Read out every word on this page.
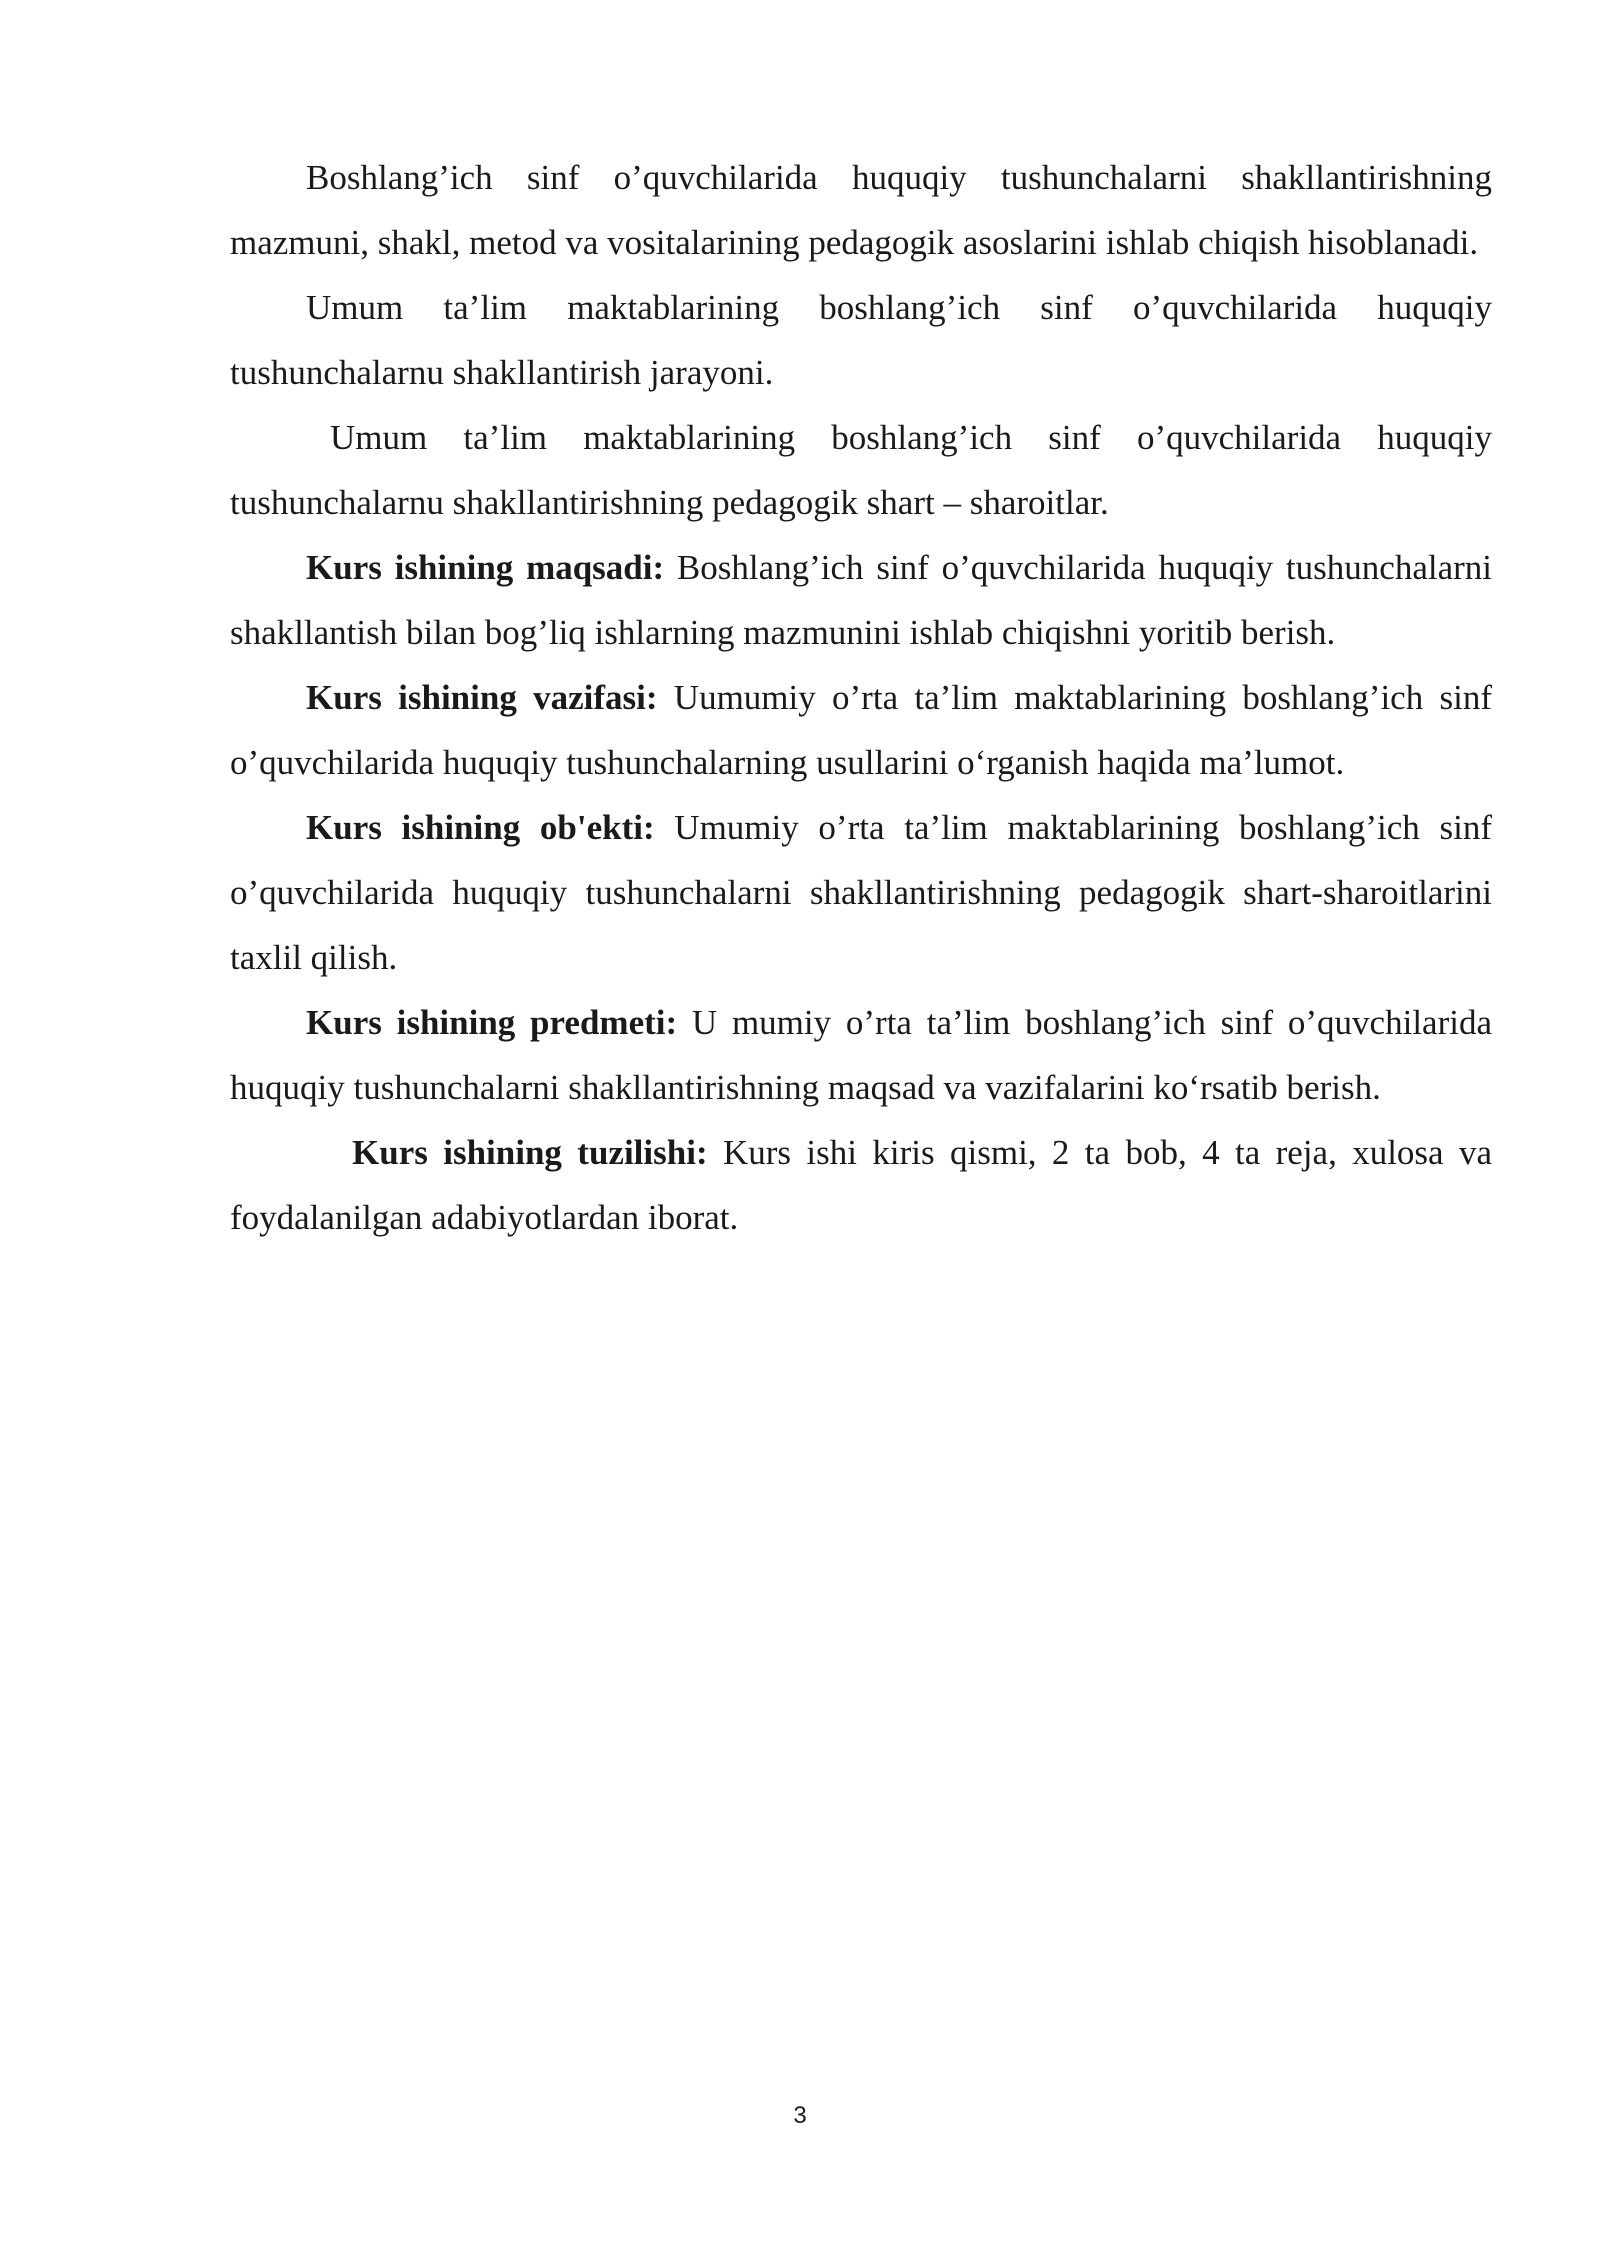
Boshlang’ich sinf o’quvchilarida huquqiy tushunchalarni shakllantirishning mazmuni, shakl, metod va vositalarining pedagogik asoslarini ishlab chiqish hisoblanadi.

Umum ta’lim maktablarining boshlang’ich sinf o’quvchilarida huquqiy tushunchalarnu shakllantirish jarayoni.

Umum ta’lim maktablarining boshlang’ich sinf o’quvchilarida huquqiy tushunchalarnu shakllantirishning pedagogik shart – sharoitlar.

Kurs ishining maqsadi: Boshlang’ich sinf o’quvchilarida huquqiy tushunchalarni shakllantish bilan bog’liq ishlarning mazmunini ishlab chiqishni yoritib berish.

Kurs ishining vazifasi: Uumumiy o’rta ta’lim maktablarining boshlang’ich sinf o’quvchilarida huquqiy tushunchalarning usullarini o‘rganish haqida ma’lumot.

Kurs ishining ob'ekti: Umumiy o’rta ta’lim maktablarining boshlang’ich sinf o’quvchilarida huquqiy tushunchalarni shakllantirishning pedagogik shart-sharoitlarini taxlil qilish.

Kurs ishining predmeti: U mumiy o’rta ta’lim boshlang’ich sinf o’quvchilarida huquqiy tushunchalarni shakllantirishning maqsad va vazifalarini ko‘rsatib berish.

Kurs ishining tuzilishi: Kurs ishi kiris qismi, 2 ta bob, 4 ta reja, xulosa va foydalanilgan adabiyotlardan iborat.

3
